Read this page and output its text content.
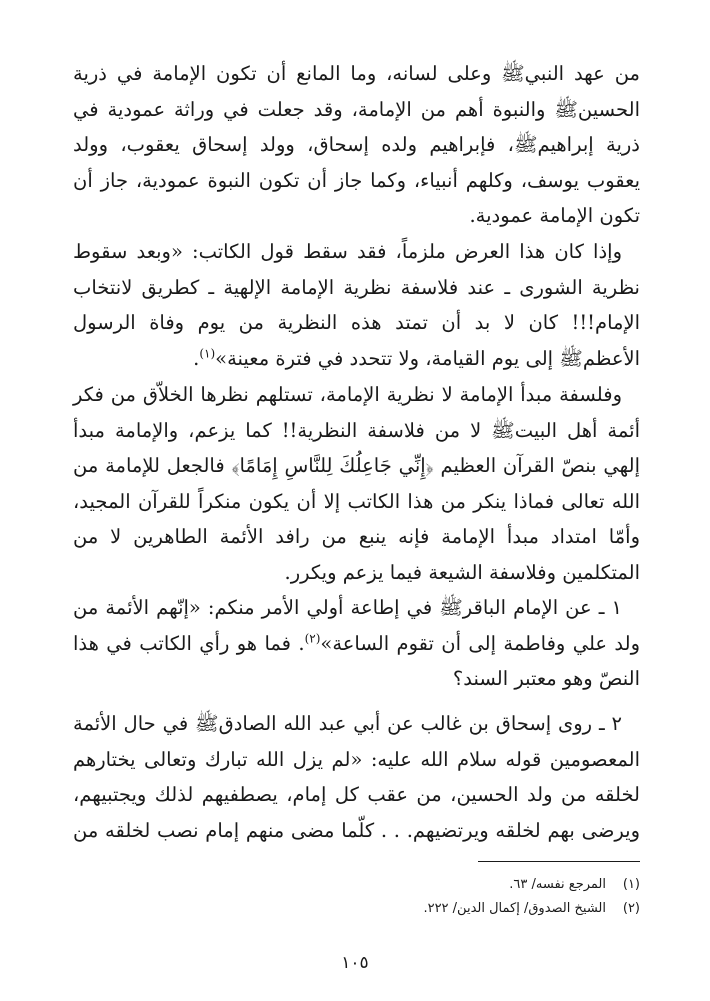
من عهد النبيﷺ وعلى لسانه، وما المانع أن تكون الإمامة في ذرية الحسينﷺ والنبوة أهم من الإمامة، وقد جعلت في وراثة عمودية في ذرية إبراهيمﷺ، فإبراهيم ولده إسحاق، وولد إسحاق يعقوب، وولد يعقوب يوسف، وكلهم أنبياء، وكما جاز أن تكون النبوة عمودية، جاز أن تكون الإمامة عمودية.

وإذا كان هذا العرض ملزماً، فقد سقط قول الكاتب: «وبعد سقوط نظرية الشورى ـ عند فلاسفة نظرية الإمامة الإلهية ـ كطريق لانتخاب الإمام!!! كان لا بد أن تمتد هذه النظرية من يوم وفاة الرسول الأعظمﷺ إلى يوم القيامة، ولا تتحدد في فترة معينة»$^{(١)}$.

وفلسفة مبدأ الإمامة لا نظرية الإمامة، تستلهم نظرها الخلاّق من فكر أئمة أهل البيتﷺ لا من فلاسفة النظرية!! كما يزعم، والإمامة مبدأ إلهي بنصّ القرآن العظيم ﴿إِنِّي جَاعِلُكَ لِلنَّاسِ إِمَامًا﴾ فالجعل للإمامة من الله تعالى فماذا ينكر من هذا الكاتب إلا أن يكون منكراً للقرآن المجيد، وأمّا امتداد مبدأ الإمامة فإنه ينبع من رافد الأئمة الطاهرين لا من المتكلمين وفلاسفة الشيعة فيما يزعم ويكرر.

١ ـ عن الإمام الباقرﷺ في إطاعة أولي الأمر منكم: «إنّهم الأئمة من ولد علي وفاطمة إلى أن تقوم الساعة»$^{(٢)}$. فما هو رأي الكاتب في هذا النصّ وهو معتبر السند؟

٢ ـ روى إسحاق بن غالب عن أبي عبد الله الصادقﷺ في حال الأئمة المعصومين قوله سلام الله عليه: «لم يزل الله تبارك وتعالى يختارهم لخلقه من ولد الحسين، من عقب كل إمام، يصطفيهم لذلك ويجتبيهم، ويرضى بهم لخلقه ويرتضيهم. . . كلّما مضى منهم إمام نصب لخلقه من

(١)المرجع نفسه/ ٦٣.
(٢)الشيخ الصدوق/ إكمال الدين/ ٢٢٢.
١٠٥
